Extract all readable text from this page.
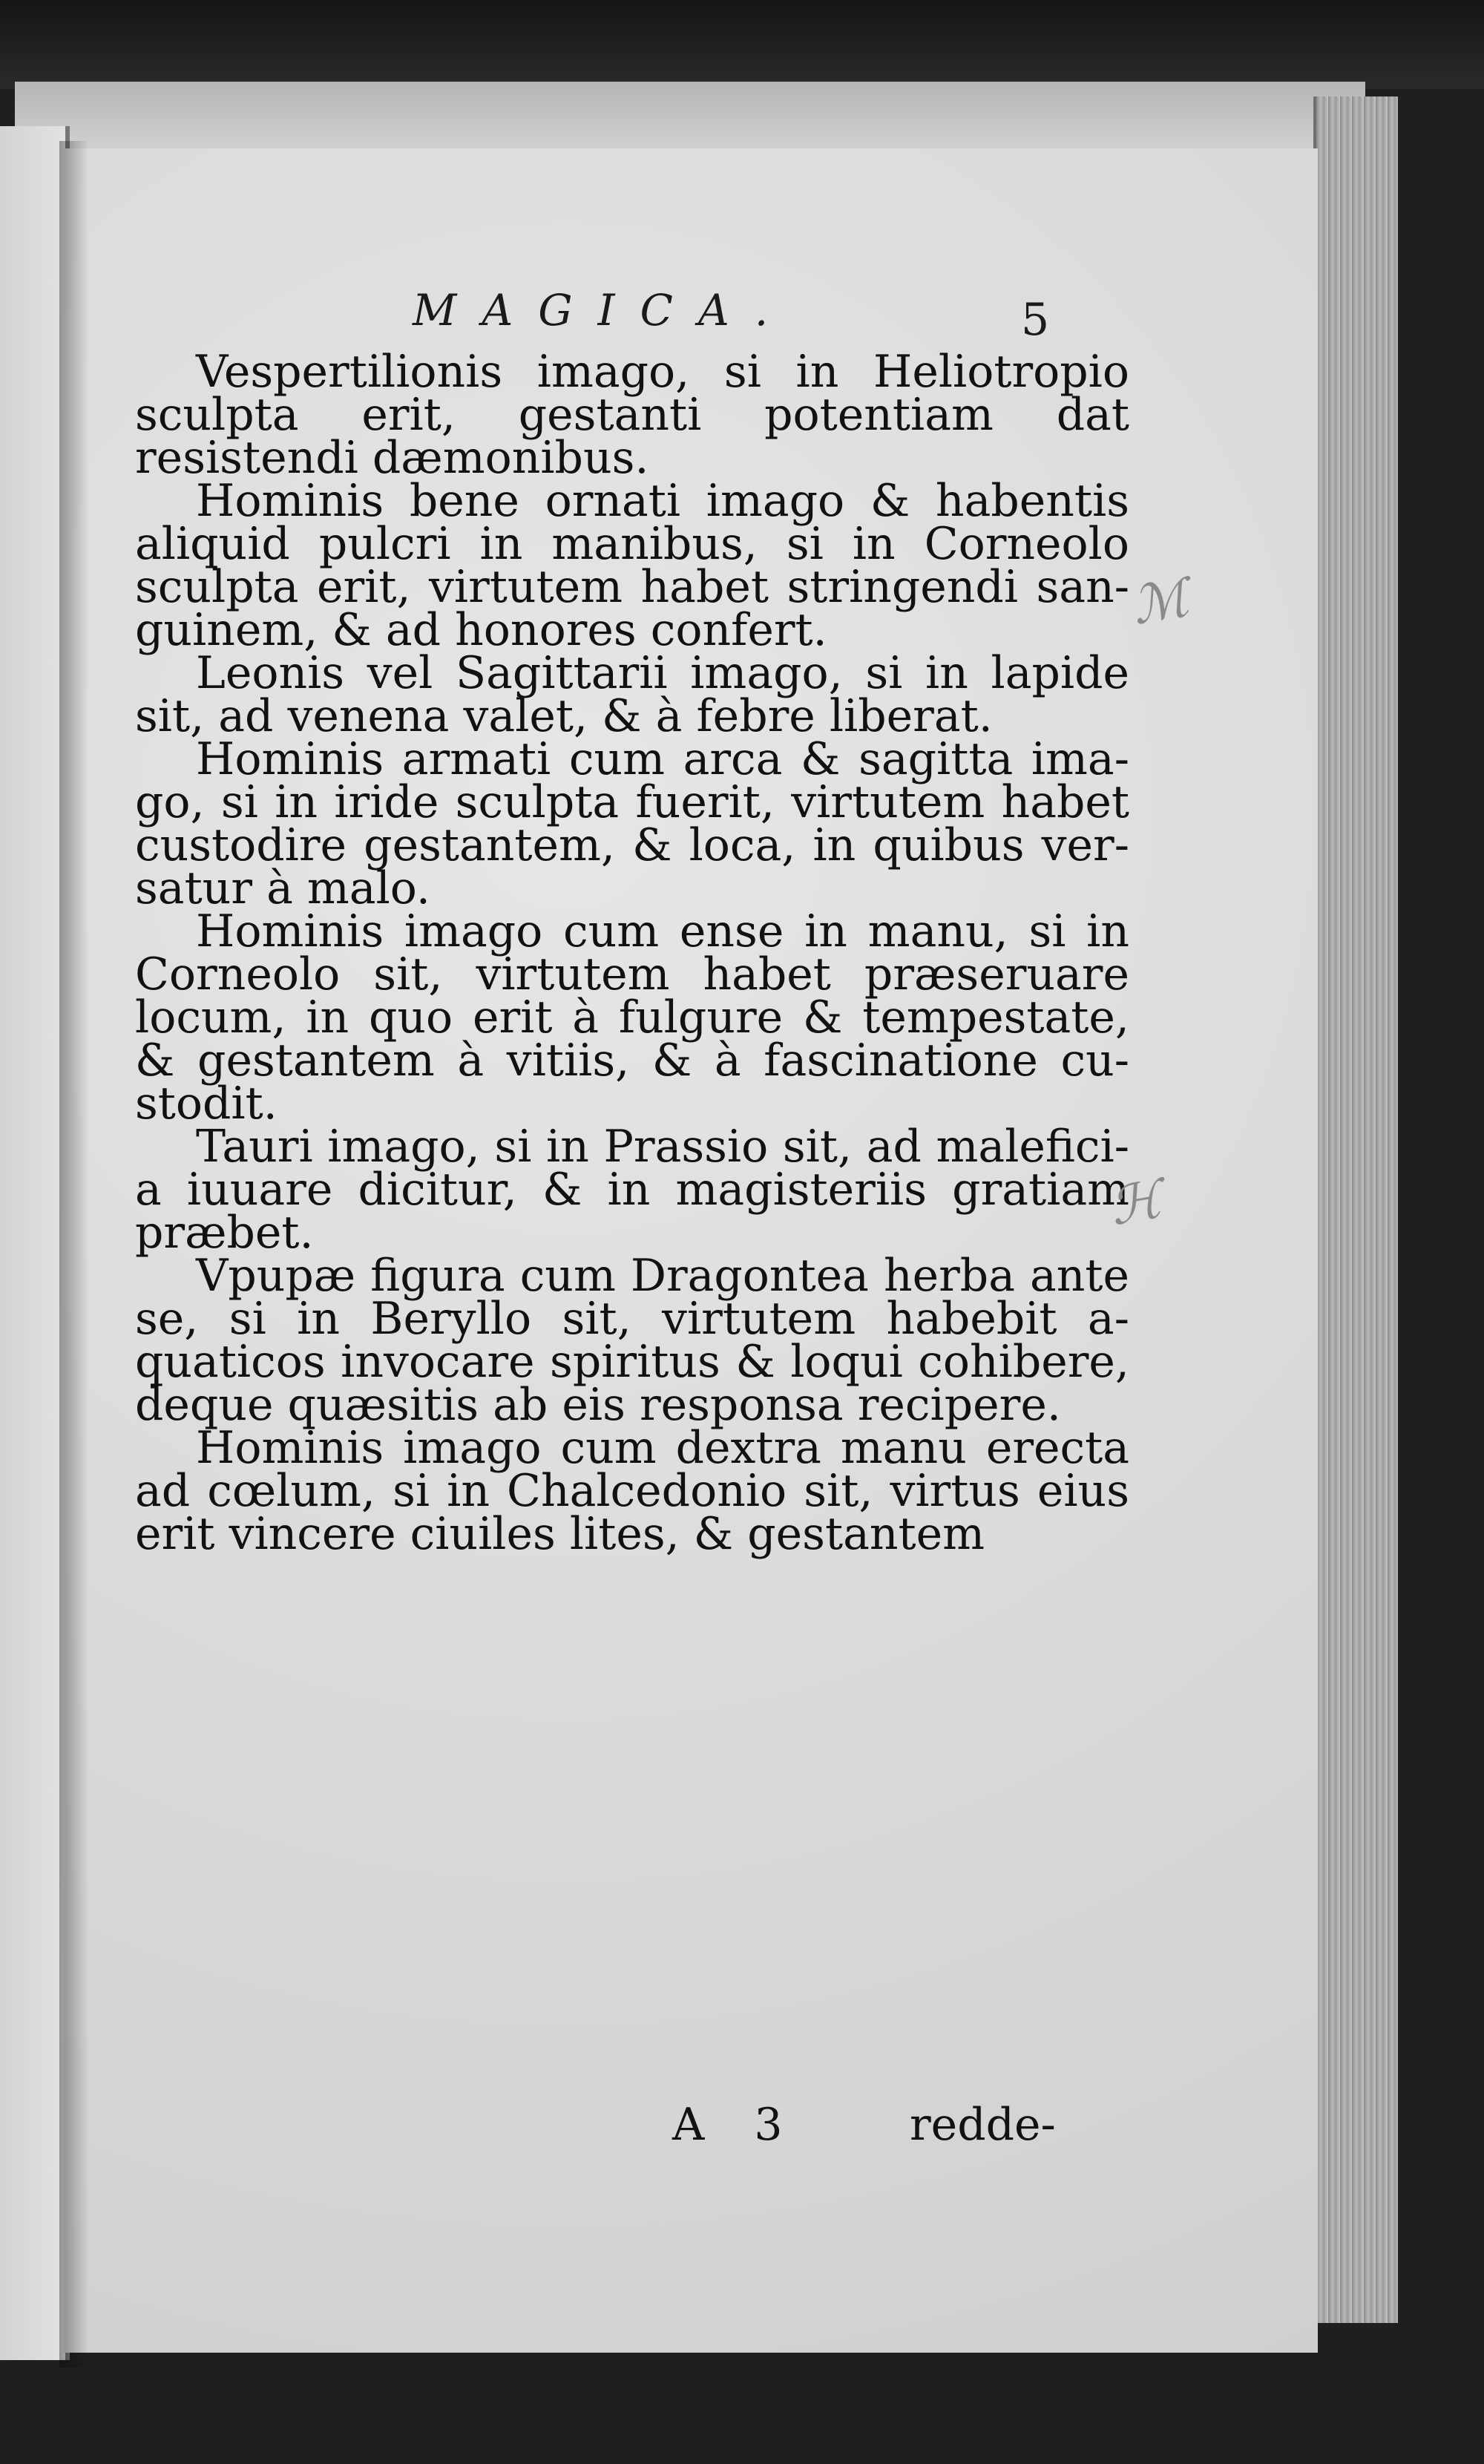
MAGICA.	5

Vespertilionis imago, si in Heliotropio sculpta erit, gestanti potentiam dat resistendi dæmonibus.

Hominis bene ornati imago & habentis aliquid pulcri in manibus, si in Corneolo sculpta erit, virtutem habet stringendi sanguinem, & ad honores confert.

Leonis vel Sagittarii imago, si in lapide sit, ad venena valet, & à febre liberat.

Hominis armati cum arca & sagitta imago, si in iride sculpta fuerit, virtutem habet custodire gestantem, & loca, in quibus versatur à malo.

Hominis imago cum ense in manu, si in Corneolo sit, virtutem habet præseruare locum, in quo erit à fulgure & tempestate, & gestantem à vitiis, & à fascinatione custodit.

Tauri imago, si in Prassio sit, ad maleficia iuuare dicitur, & in magisteriis gratiam præbet.

Vpupæ figura cum Dragontea herba ante se, si in Beryllo sit, virtutem habebit aquaticos invocare spiritus & loqui cohibere, deque quæsitis ab eis responsa recipere.

Hominis imago cum dextra manu erecta ad cœlum, si in Chalcedonio sit, virtus eius erit vincere ciuiles lites, & gestantem

A 3 redde-
ℳ
ℋ
